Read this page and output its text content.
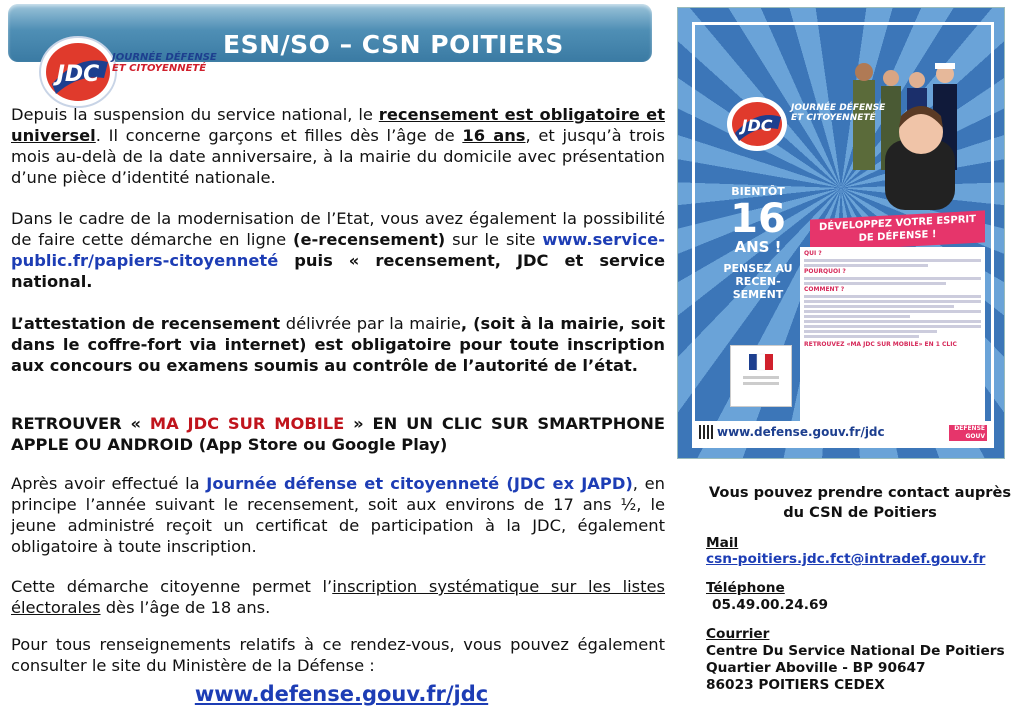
ESN/SO – CSN POITIERS
JDC
JOURNÉE DÉFENSE
ET CITOYENNETÉ

Depuis la suspension du service national, le recensement est obligatoire et universel. Il concerne garçons et filles dès l’âge de 16 ans, et jusqu’à trois mois au-delà de la date anniversaire, à la mairie du domicile avec présentation d’une pièce d’identité nationale.

Dans le cadre de la modernisation de l’Etat, vous avez également la possibilité de faire cette démarche en ligne (e-recensement) sur le site www.service-public.fr/papiers-citoyenneté puis « recensement, JDC et service national.

L’attestation de recensement délivrée par la mairie, (soit à la mairie, soit dans le coffre-fort via internet) est obligatoire pour toute inscription aux concours ou examens soumis au contrôle de l’autorité de l’état.

RETROUVER « MA JDC SUR MOBILE » EN UN CLIC SUR SMARTPHONE APPLE OU ANDROID (App Store ou Google Play)

Après avoir effectué la Journée défense et citoyenneté (JDC ex JAPD), en principe l’année suivant le recensement, soit aux environs de 17 ans ½, le jeune administré reçoit un certificat de participation à la JDC, également obligatoire à toute inscription.

Cette démarche citoyenne permet l’inscription systématique sur les listes électorales dès l’âge de 18 ans.

Pour tous renseignements relatifs à ce rendez-vous, vous pouvez également consulter le site du Ministère de la Défense :

www.defense.gouv.fr/jdc
JDC
JOURNÉE DÉFENSE
ET CITOYENNETÉ
BIENTÔT
16
ANS !
PENSEZ AU RECEN-SEMENT
DÉVELOPPEZ VOTRE ESPRIT DE DÉFENSE !
QUI ?
POURQUOI ?
COMMENT ?
RETROUVEZ «MA JDC SUR MOBILE» EN 1 CLIC
www.defense.gouv.fr/jdc	DÉFENSE GOUV
Vous pouvez prendre contact auprès du CSN de Poitiers
Mail
csn-poitiers.jdc.fct@intradef.gouv.fr
Téléphone
05.49.00.24.69
Courrier
Centre Du Service National De Poitiers
Quartier Aboville - BP 90647
86023 POITIERS CEDEX
